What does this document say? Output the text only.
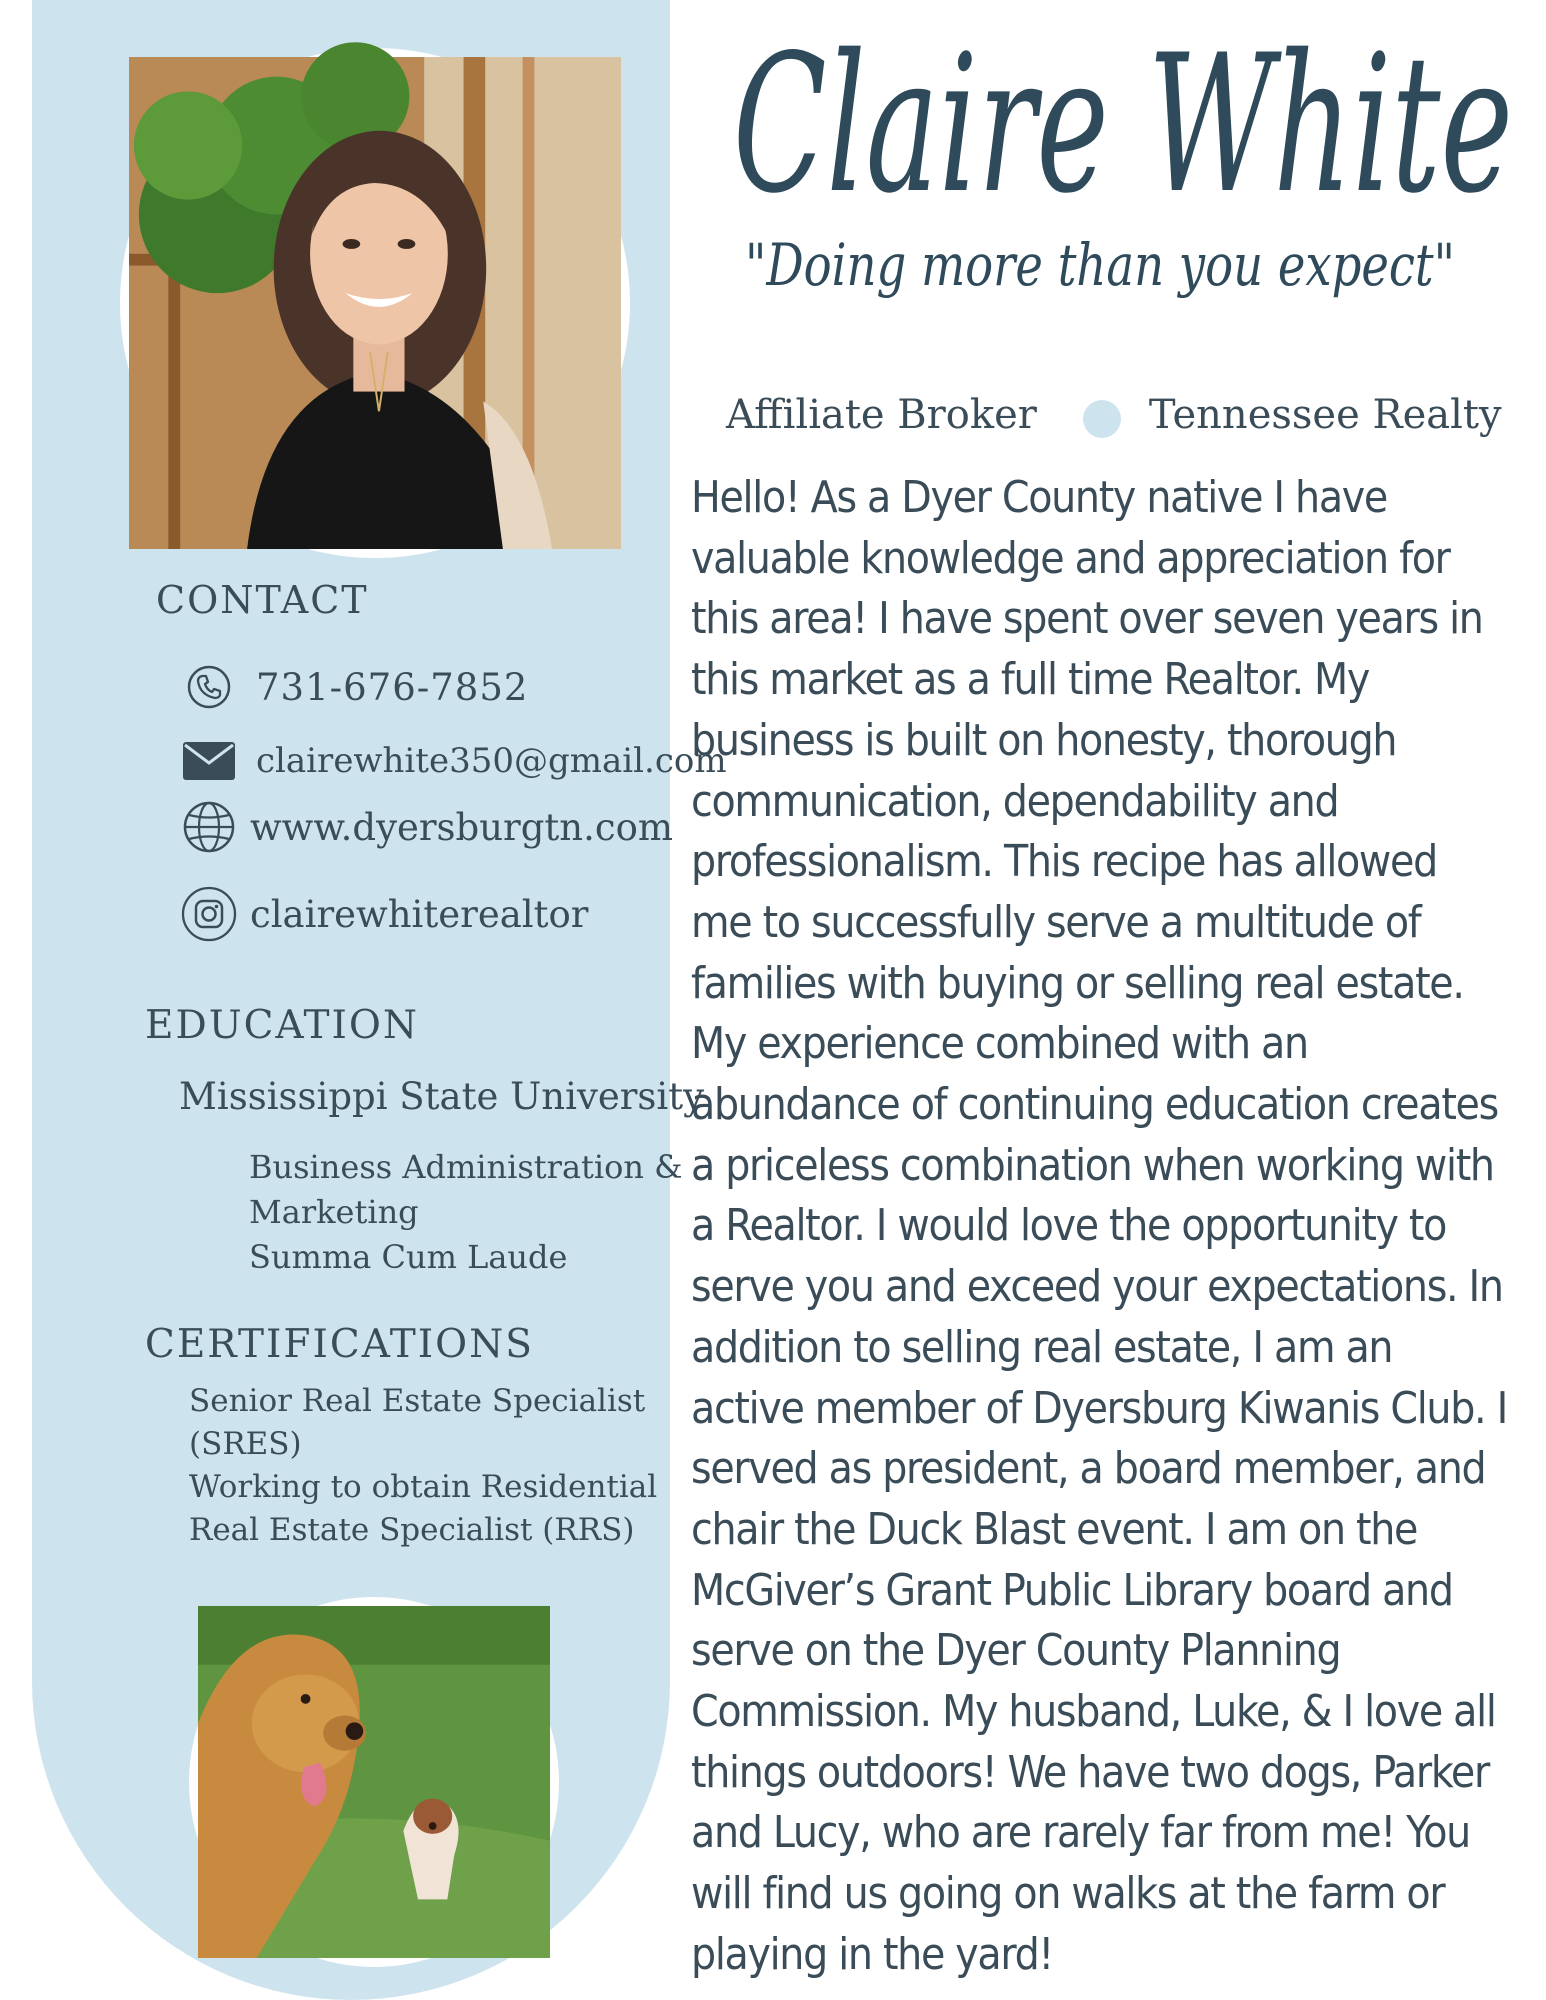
CONTACT
731-676-7852
clairewhite350@gmail.com
www.dyersburgtn.com
clairewhiterealtor
EDUCATION
Mississippi State University
Business Administration &
Marketing
Summa Cum Laude
CERTIFICATIONS
Senior Real Estate Specialist
(SRES)
Working to obtain Residential
Real Estate Specialist (RRS)
Claire White
"Doing more than you expect"
Affiliate Broker	Tennessee Realty
Hello! As a Dyer County native I have
valuable knowledge and appreciation for
this area! I have spent over seven years in
this market as a full time Realtor. My
business is built on honesty, thorough
communication, dependability and
professionalism. This recipe has allowed
me to successfully serve a multitude of
families with buying or selling real estate.
My experience combined with an
abundance of continuing education creates
a priceless combination when working with
a Realtor. I would love the opportunity to
serve you and exceed your expectations. In
addition to selling real estate, I am an
active member of Dyersburg Kiwanis Club. I
served as president, a board member, and
chair the Duck Blast event. I am on the
McGiver’s Grant Public Library board and
serve on the Dyer County Planning
Commission. My husband, Luke, & I love all
things outdoors! We have two dogs, Parker
and Lucy, who are rarely far from me! You
will find us going on walks at the farm or
playing in the yard!
